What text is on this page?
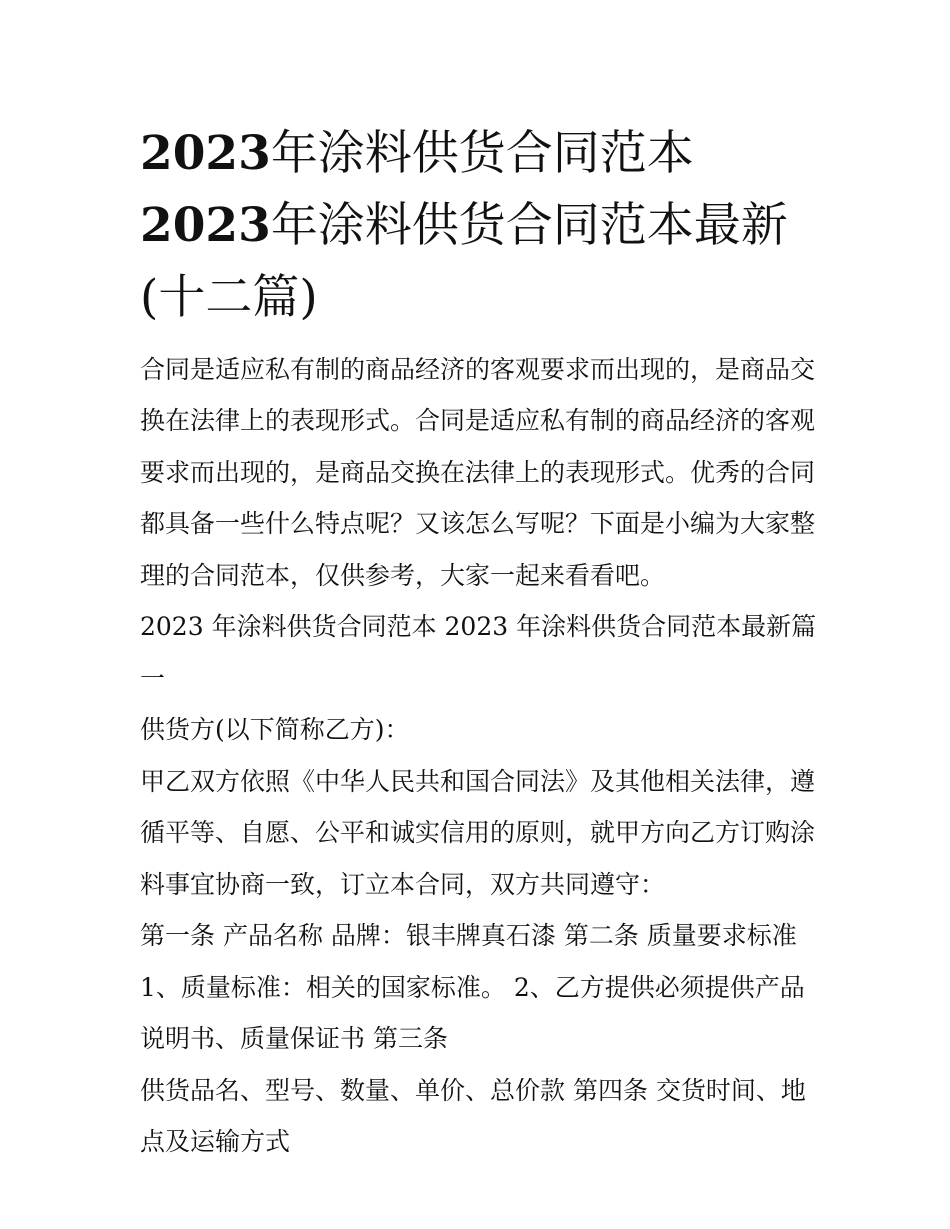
2023年涂料供货合同范本
2023年涂料供货合同范本最新
(十二篇)

合同是适应私有制的商品经济的客观要求而出现的，是商品交换在法律上的表现形式。合同是适应私有制的商品经济的客观要求而出现的，是商品交换在法律上的表现形式。优秀的合同都具备一些什么特点呢？又该怎么写呢？下面是小编为大家整理的合同范本，仅供参考，大家一起来看看吧。

2023 年涂料供货合同范本 2023 年涂料供货合同范本最新篇一

供货方(以下简称乙方)：

甲乙双方依照《中华人民共和国合同法》及其他相关法律，遵循平等、自愿、公平和诚实信用的原则，就甲方向乙方订购涂料事宜协商一致，订立本合同，双方共同遵守：

第一条 产品名称 品牌：银丰牌真石漆 第二条 质量要求标准

1、质量标准：相关的国家标准。 2、乙方提供必须提供产品说明书、质量保证书 第三条

供货品名、型号、数量、单价、总价款 第四条 交货时间、地点及运输方式
